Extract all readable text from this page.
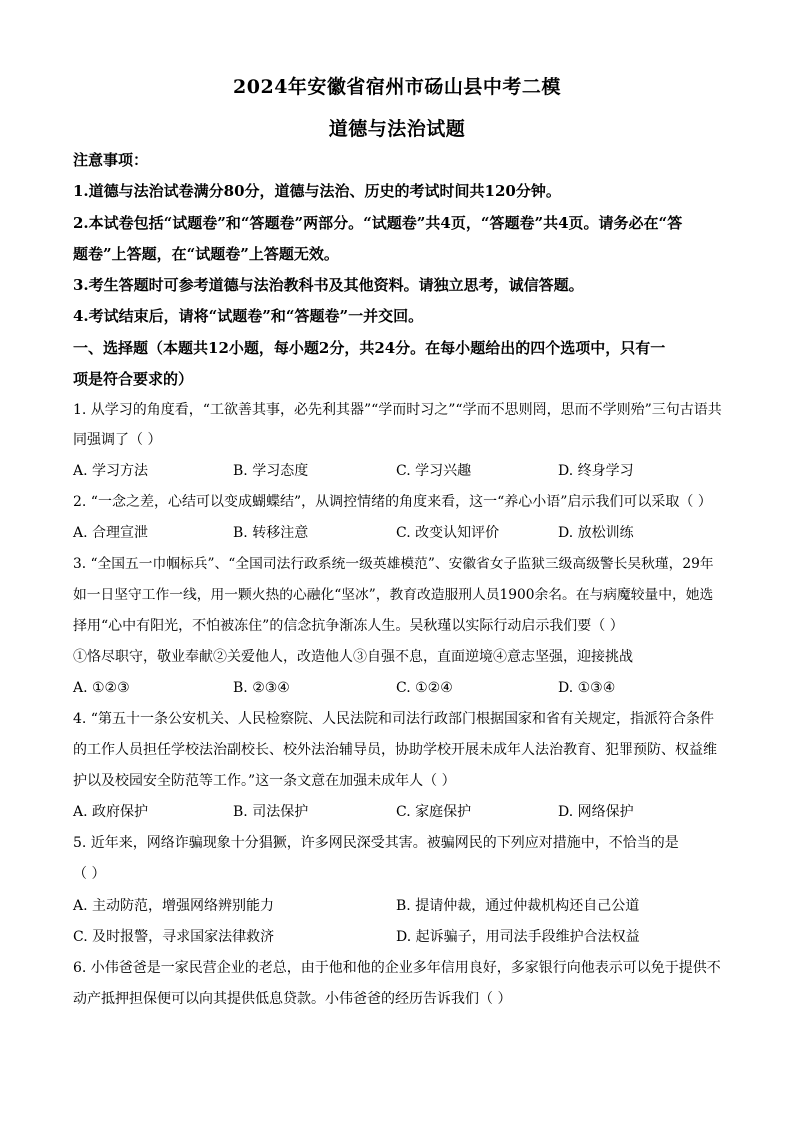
2024年安徽省宿州市砀山县中考二模
道德与法治试题
注意事项：
1.道德与法治试卷满分80分，道德与法治、历史的考试时间共120分钟。
2.本试卷包括“试题卷”和“答题卷”两部分。“试题卷”共4页，“答题卷”共4页。请务必在“答
题卷”上答题，在“试题卷”上答题无效。
3.考生答题时可参考道德与法治教科书及其他资料。请独立思考，诚信答题。
4.考试结束后，请将“试题卷”和“答题卷”一并交回。
一、选择题（本题共12小题，每小题2分，共24分。在每小题给出的四个选项中，只有一
项是符合要求的）
1. 从学习的角度看，“工欲善其事，必先利其器”“学而时习之”“学而不思则罔，思而不学则殆”三句古语共
同强调了（ ）
A. 学习方法	B. 学习态度	C. 学习兴趣	D. 终身学习
2. “一念之差，心结可以变成蝴蝶结”，从调控情绪的角度来看，这一“养心小语”启示我们可以采取（ ）
A. 合理宣泄	B. 转移注意	C. 改变认知评价	D. 放松训练
3. “全国五一巾帼标兵”、“全国司法行政系统一级英雄模范”、安徽省女子监狱三级高级警长吴秋瑾，29年
如一日坚守工作一线，用一颗火热的心融化“坚冰”，教育改造服刑人员1900余名。在与病魔较量中，她选
择用“心中有阳光，不怕被冻住”的信念抗争渐冻人生。吴秋瑾以实际行动启示我们要（ ）
①恪尽职守，敬业奉献②关爱他人，改造他人③自强不息，直面逆境④意志坚强，迎接挑战
A. ①②③	B. ②③④	C. ①②④	D. ①③④
4. “第五十一条公安机关、人民检察院、人民法院和司法行政部门根据国家和省有关规定，指派符合条件
的工作人员担任学校法治副校长、校外法治辅导员，协助学校开展未成年人法治教育、犯罪预防、权益维
护以及校园安全防范等工作。”这一条文意在加强未成年人（ ）
A. 政府保护	B. 司法保护	C. 家庭保护	D. 网络保护
5. 近年来，网络诈骗现象十分猖獗，许多网民深受其害。被骗网民的下列应对措施中，不恰当的是
（ ）
A. 主动防范，增强网络辨别能力	B. 提请仲裁，通过仲裁机构还自己公道
C. 及时报警，寻求国家法律救济	D. 起诉骗子，用司法手段维护合法权益
6. 小伟爸爸是一家民营企业的老总，由于他和他的企业多年信用良好，多家银行向他表示可以免于提供不
动产抵押担保便可以向其提供低息贷款。小伟爸爸的经历告诉我们（ ）
